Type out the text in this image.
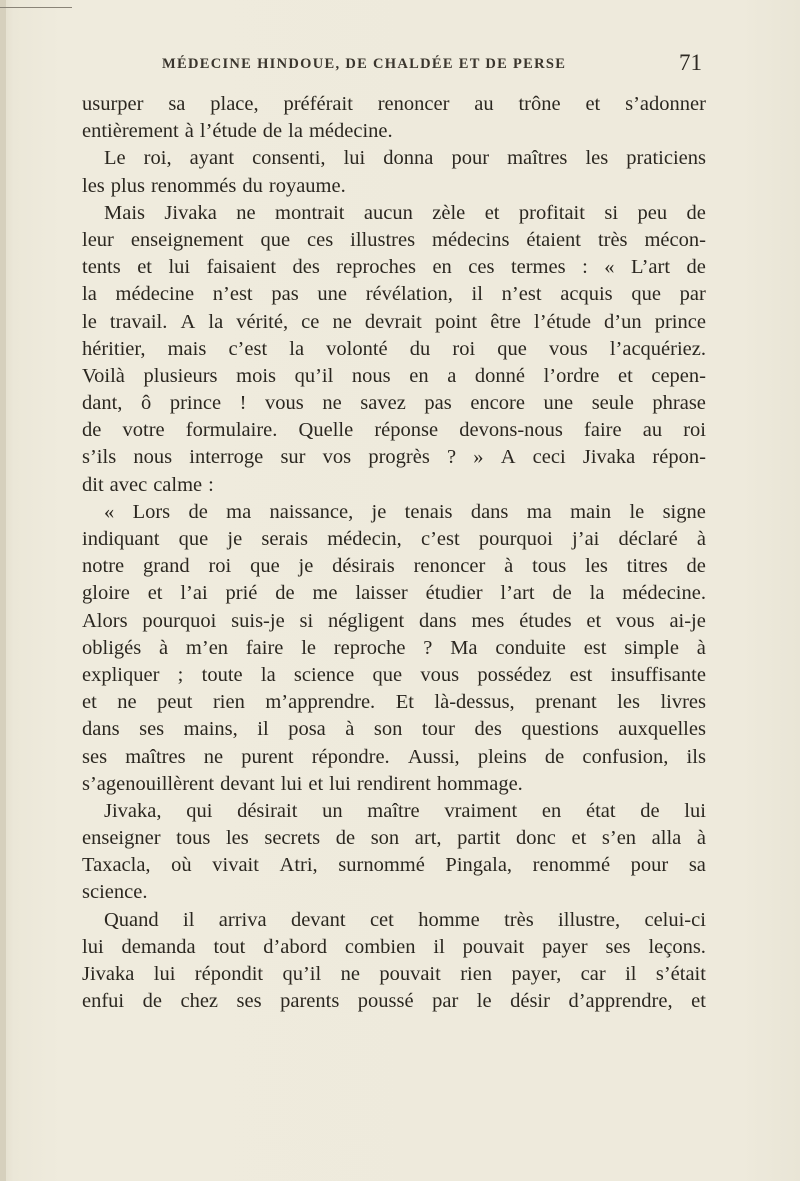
MÉDECINE HINDOUE, DE CHALDÉE ET DE PERSE	71
usurper sa place, préférait renoncer au trône et s’adonner
entièrement à l’étude de la médecine.
Le roi, ayant consenti, lui donna pour maîtres les praticiens
les plus renommés du royaume.
Mais Jivaka ne montrait aucun zèle et profitait si peu de
leur enseignement que ces illustres médecins étaient très mécon-
tents et lui faisaient des reproches en ces termes : « L’art de
la médecine n’est pas une révélation, il n’est acquis que par
le travail. A la vérité, ce ne devrait point être l’étude d’un prince
héritier, mais c’est la volonté du roi que vous l’acquériez.
Voilà plusieurs mois qu’il nous en a donné l’ordre et cepen-
dant, ô prince ! vous ne savez pas encore une seule phrase
de votre formulaire. Quelle réponse devons-nous faire au roi
s’ils nous interroge sur vos progrès ? » A ceci Jivaka répon-
dit avec calme :
« Lors de ma naissance, je tenais dans ma main le signe
indiquant que je serais médecin, c’est pourquoi j’ai déclaré à
notre grand roi que je désirais renoncer à tous les titres de
gloire et l’ai prié de me laisser étudier l’art de la médecine.
Alors pourquoi suis-je si négligent dans mes études et vous ai-je
obligés à m’en faire le reproche ? Ma conduite est simple à
expliquer ; toute la science que vous possédez est insuffisante
et ne peut rien m’apprendre. Et là-dessus, prenant les livres
dans ses mains, il posa à son tour des questions auxquelles
ses maîtres ne purent répondre. Aussi, pleins de confusion, ils
s’agenouillèrent devant lui et lui rendirent hommage.
Jivaka, qui désirait un maître vraiment en état de lui
enseigner tous les secrets de son art, partit donc et s’en alla à
Taxacla, où vivait Atri, surnommé Pingala, renommé pour sa
science.
Quand il arriva devant cet homme très illustre, celui-ci
lui demanda tout d’abord combien il pouvait payer ses leçons.
Jivaka lui répondit qu’il ne pouvait rien payer, car il s’était
enfui de chez ses parents poussé par le désir d’apprendre, et
